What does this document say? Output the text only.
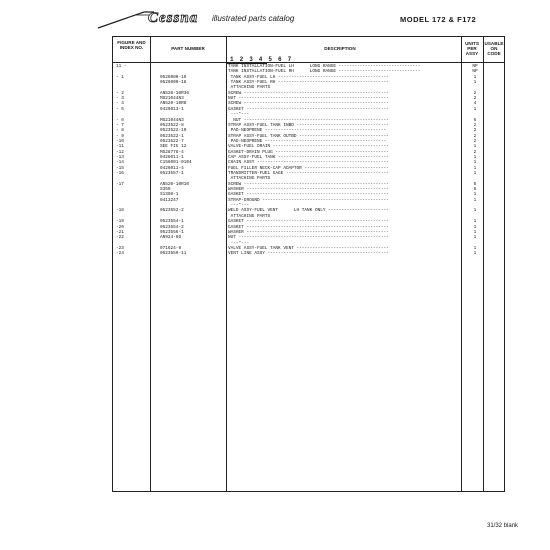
Cessna illustrated parts catalog	MODEL 172 & F172
FIGURE AND INDEX NO.	PART NUMBER	DESCRIPTION
UNITS PER ASSY
USABLE ON CODE
1 2 3 4 5 6 7
11 -	TANK INSTALLATION-FUEL LH      LONG RANGE -------------------------------	NP
TANK INSTALLATION-FUEL RH      LONG RANGE -------------------------------	NP
- 1	0526000-19	TANK ASSY-FUEL LH ------------------------------------------	1
0526000-18	TANK ASSY-FUEL RH ------------------------------------------	1
ATTACHING PARTS
- 2	AN520-10R36	SCREW -------------------------------------------------------	2
- 3	MS21044N3	NUT ---------------------------------------------------------	2
- 4	AN520-10R8	SCREW -------------------------------------------------------	4
- 5	0426013-1	GASKET ------------------------------------------------------	1
---*---
- 6	MS21044N3	NUT -------------------------------------------------------	6
- 7	0523522-8	STRAP ASSY-FUEL TANK INBD -----------------------------------	2
- 8	0523522-10	PAD-NEOPRENE ----------------------------------------------	2
- 9	0523522-1	STRAP ASSY-FUEL TANK OUTBD ----------------------------------	2
-10	0523522-7	PAD-NEOPRENE ----------------------------------------------	2
-11	SEE FIG 12	VALVE-FUEL DRAIN --------------------------------------------	1
-12	MS28778-4	GASKET-DRAIN PLUG -------------------------------------------	2
-13	0426011-1	CAP ASSY-FUEL TANK ------------------------------------------	1
-14	C156001-0104	CHAIN ASSY --------------------------------------------------	1
-15	0426011-4	FUEL FILLER NECK-CAP ADAPTOR --------------------------------	1
-16	0523557-1	TRANSMITTER-FUEL GAGE ---------------------------------------	1
ATTACHING PARTS
-17	AN520-10R10	SCREW -------------------------------------------------------	5
S350	WASHER ------------------------------------------------------	5
S1308-1	GASKET ------------------------------------------------------	1
0413247	STRAP-GROUND ------------------------------------------------	1
---*---
-18	0523552-2	WELD ASSY-FUEL VENT      LH TANK ONLY -----------------------	1
ATTACHING PARTS
-19	0523554-1	GASKET ------------------------------------------------------	1
-20	0523554-2	GASKET ------------------------------------------------------	1
-21	0523556-1	WASHER ------------------------------------------------------	1
-22	AN924-6D	NUT ---------------------------------------------------------	1
---*---
-23	071624-9	VALVE ASSY-FUEL TANK VENT -----------------------------------	1
-24	0523559-11	VENT LINE ASSY ----------------------------------------------	1
31/32 blank
